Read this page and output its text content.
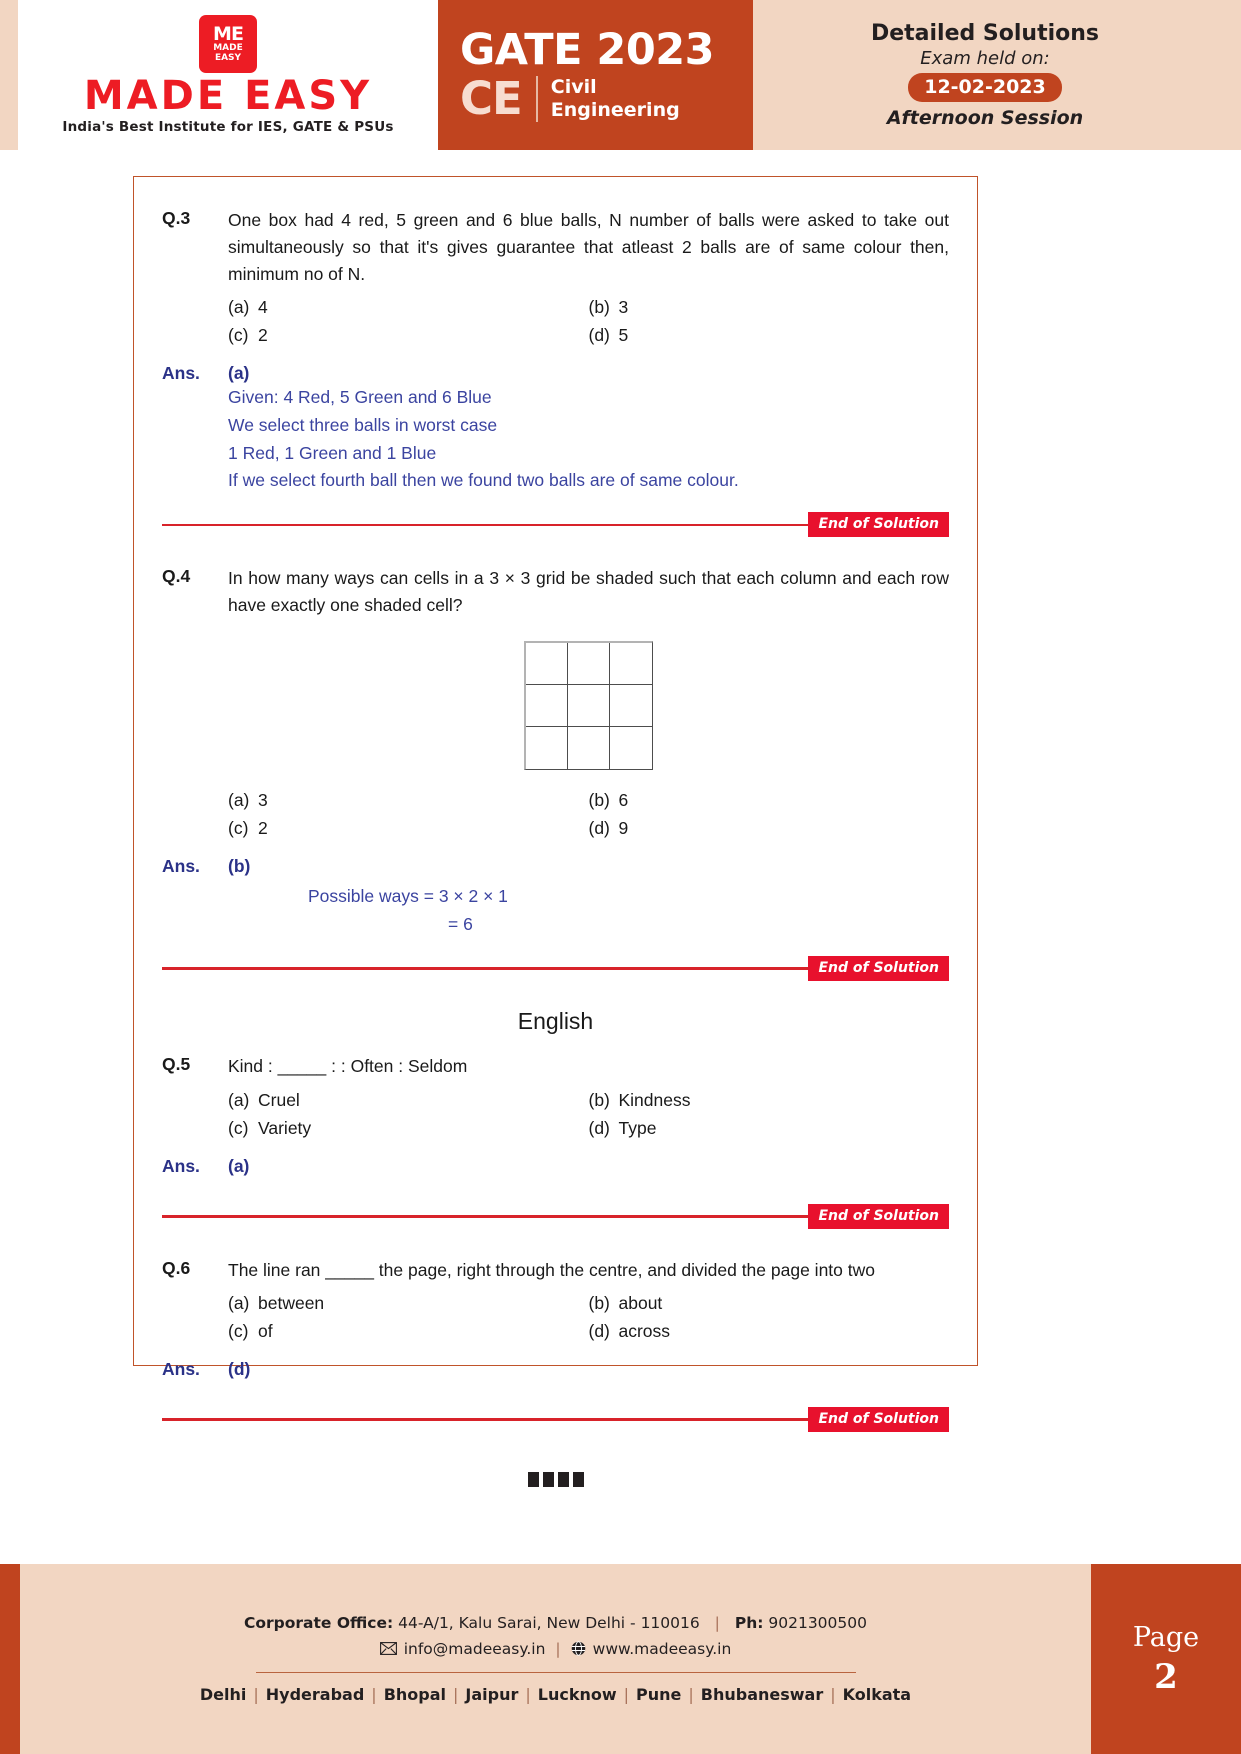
ME
MADE
EASY
MADE EASY
India's Best Institute for IES, GATE & PSUs
GATE 2023
CE Civil
Engineering
Detailed Solutions
Exam held on:
12-02-2023
Afternoon Session
Q.3	One box had 4 red, 5 green and 6 blue balls, N number of balls were asked to take out simultaneously so that it's gives guarantee that atleast 2 balls are of same colour then, minimum no of N.
(a) 4	(b) 3
(c) 2	(d) 5
Ans.	(a)
Given: 4 Red, 5 Green and 6 Blue
We select three balls in worst case
1 Red, 1 Green and 1 Blue
If we select fourth ball then we found two balls are of same colour.
End of Solution
Q.4	In how many ways can cells in a 3 × 3 grid be shaded such that each column and each row have exactly one shaded cell?
(a) 3	(b) 6
(c) 2	(d) 9
Ans.	(b)
Possible ways = 3 × 2 × 1
= 6
End of Solution
English
Q.5	Kind : _____ : : Often : Seldom
(a) Cruel	(b) Kindness
(c) Variety	(d) Type
Ans.	(a)
End of Solution
Q.6	The line ran _____ the page, right through the centre, and divided the page into two
(a) between	(b) about
(c) of	(d) across
Ans.	(d)
End of Solution
Corporate Office: 44-A/1, Kalu Sarai, New Delhi - 110016 | Ph: 9021300500
info@madeeasy.in | www.madeeasy.in
Delhi | Hyderabad | Bhopal | Jaipur | Lucknow | Pune | Bhubaneswar | Kolkata
Page
2
